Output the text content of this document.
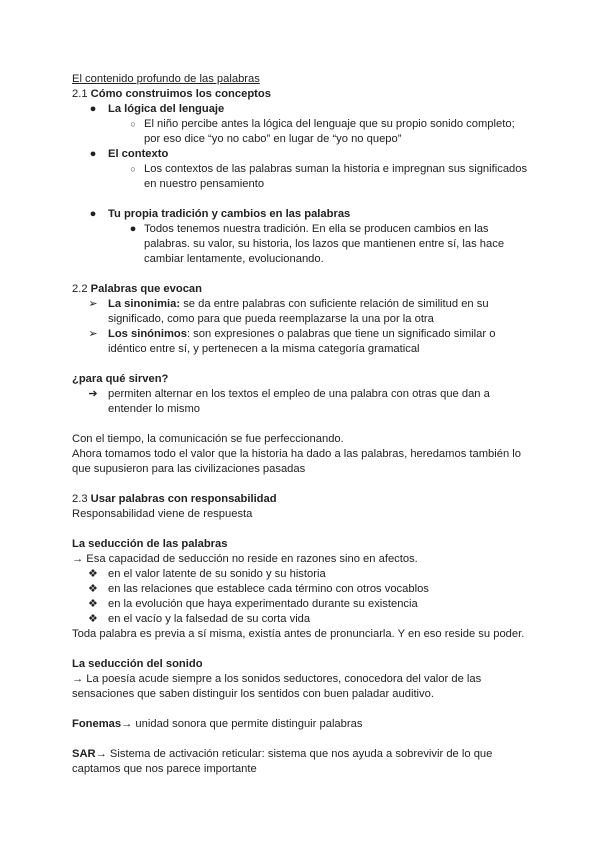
El contenido profundo de las palabras

2.1 Cómo construimos los conceptos

●	La lógica del lenguaje
○ El niño percibe antes la lógica del lenguaje que su propio sonido completo;

por eso dice “yo no cabo” en lugar de “yo no quepo”

●	El contexto
○ Los contextos de las palabras suman la historia e impregnan sus significados

en nuestro pensamiento

●	Tu propia tradición y cambios en las palabras
● Todos tenemos nuestra tradición. En ella se producen cambios en las

palabras. su valor, su historia, los lazos que mantienen entre sí, las hace

cambiar lentamente, evolucionando.

2.2 Palabras que evocan

➢ La sinonimia: se da entre palabras con suficiente relación de similitud en su

significado, como para que pueda reemplazarse la una por la otra

➢ Los sinónimos: son expresiones o palabras que tiene un significado similar o

idéntico entre sí, y pertenecen a la misma categoría gramatical

¿para qué sirven?

➔ permiten alternar en los textos el empleo de una palabra con otras que dan a

entender lo mismo

Con el tiempo, la comunicación se fue perfeccionando.

Ahora tomamos todo el valor que la historia ha dado a las palabras, heredamos también lo

que supusieron para las civilizaciones pasadas

2.3 Usar palabras con responsabilidad

Responsabilidad viene de respuesta

La seducción de las palabras

→ Esa capacidad de seducción no reside en razones sino en afectos.

❖ en el valor latente de su sonido y su historia
❖ en las relaciones que establece cada término con otros vocablos
❖ en la evolución que haya experimentado durante su existencia
❖ en el vacío y la falsedad de su corta vida

Toda palabra es previa a sí misma, existía antes de pronunciarla. Y en eso reside su poder.

La seducción del sonido

→ La poesía acude siempre a los sonidos seductores, conocedora del valor de las

sensaciones que saben distinguir los sentidos con buen paladar auditivo.

Fonemas→ unidad sonora que permite distinguir palabras

SAR→ Sistema de activación reticular: sistema que nos ayuda a sobrevivir de lo que

captamos que nos parece importante
